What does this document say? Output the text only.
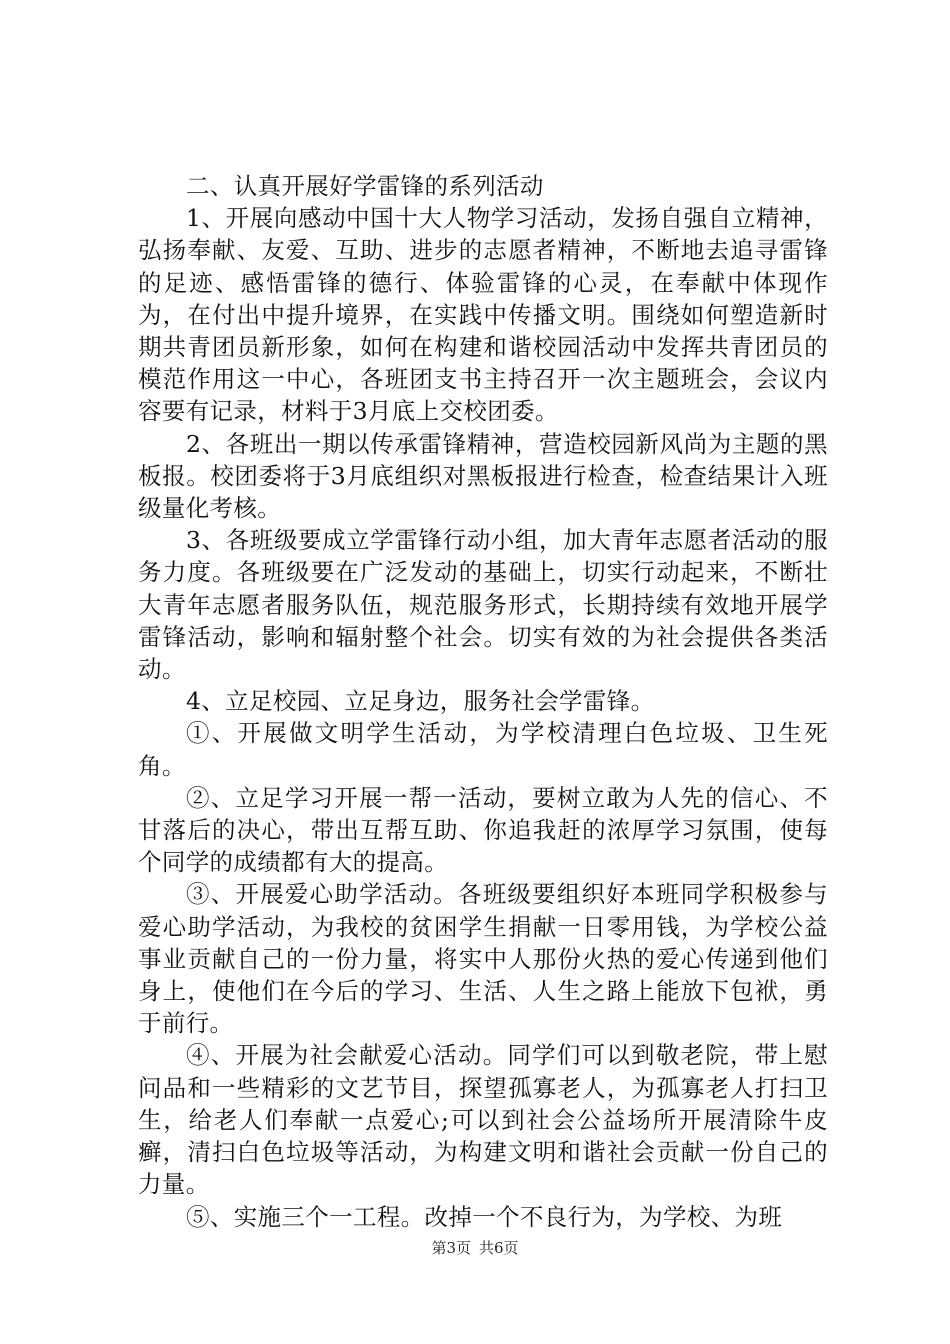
二、认真开展好学雷锋的系列活动

1、开展向感动中国十大人物学习活动，发扬自强自立精神，弘扬奉献、友爱、互助、进步的志愿者精神，不断地去追寻雷锋的足迹、感悟雷锋的德行、体验雷锋的心灵，在奉献中体现作为，在付出中提升境界，在实践中传播文明。围绕如何塑造新时期共青团员新形象，如何在构建和谐校园活动中发挥共青团员的模范作用这一中心，各班团支书主持召开一次主题班会，会议内容要有记录，材料于3月底上交校团委。

2、各班出一期以传承雷锋精神，营造校园新风尚为主题的黑板报。校团委将于3月底组织对黑板报进行检查，检查结果计入班级量化考核。

3、各班级要成立学雷锋行动小组，加大青年志愿者活动的服务力度。各班级要在广泛发动的基础上，切实行动起来，不断壮大青年志愿者服务队伍，规范服务形式，长期持续有效地开展学雷锋活动，影响和辐射整个社会。切实有效的为社会提供各类活动。

4、立足校园、立足身边，服务社会学雷锋。

①、开展做文明学生活动，为学校清理白色垃圾、卫生死角。

②、立足学习开展一帮一活动，要树立敢为人先的信心、不甘落后的决心，带出互帮互助、你追我赶的浓厚学习氛围，使每个同学的成绩都有大的提高。

③、开展爱心助学活动。各班级要组织好本班同学积极参与爱心助学活动，为我校的贫困学生捐献一日零用钱，为学校公益事业贡献自己的一份力量，将实中人那份火热的爱心传递到他们身上，使他们在今后的学习、生活、人生之路上能放下包袱，勇于前行。

④、开展为社会献爱心活动。同学们可以到敬老院，带上慰问品和一些精彩的文艺节目，探望孤寡老人，为孤寡老人打扫卫生，给老人们奉献一点爱心;可以到社会公益场所开展清除牛皮癣，清扫白色垃圾等活动，为构建文明和谐社会贡献一份自己的力量。

⑤、实施三个一工程。改掉一个不良行为，为学校、为班

第3页 共6页
